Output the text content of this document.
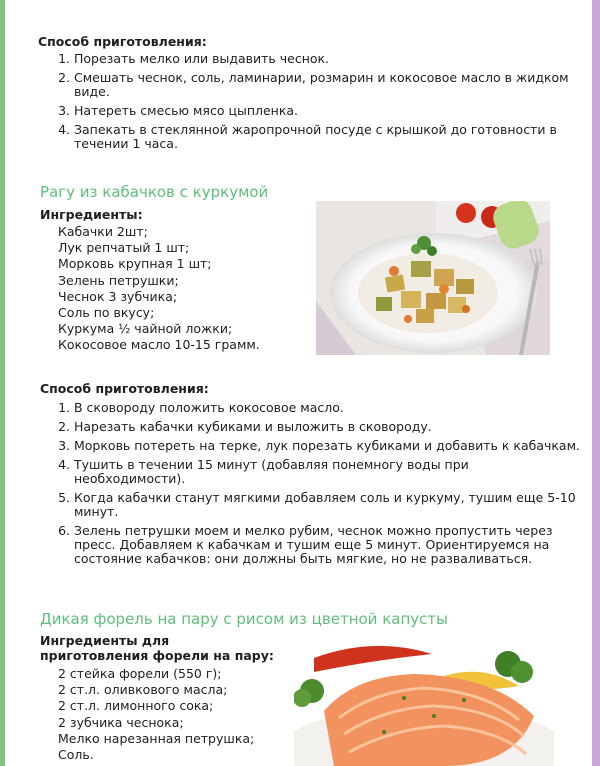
Способ приготовления:
1. Порезать мелко или выдавить чеснок.
2. Смешать чеснок, соль, ламинарии, розмарин и кокосовое масло в жидком виде.
3. Натереть смесью мясо цыпленка.
4. Запекать в стеклянной жаропрочной посуде с крышкой до готовности в течении 1 часа.
Рагу из кабачков с куркумой
Ингредиенты:
Кабачки 2шт;
Лук репчатый 1 шт;
Морковь крупная 1 шт;
Зелень петрушки;
Чеснок 3 зубчика;
Соль по вкусу;
Куркума ½ чайной ложки;
Кокосовое масло 10-15 грамм.
Способ приготовления:
1. В сковороду положить кокосовое масло.
2. Нарезать кабачки кубиками и выложить в сковороду.
3. Морковь потереть на терке, лук порезать кубиками и добавить к кабачкам.
4. Тушить в течении 15 минут (добавляя понемногу воды при необходимости).
5. Когда кабачки станут мягкими добавляем соль и куркуму, тушим еще 5-10 минут.
6. Зелень петрушки моем и мелко рубим, чеснок можно пропустить через пресс. Добавляем к кабачкам и тушим еще 5 минут. Ориентируемся на состояние кабачков: они должны быть мягкие, но не разваливаться.
Дикая форель на пару с рисом из цветной капусты
Ингредиенты для приготовления форели на пару:
2 стейка форели (550 г);
2 ст.л. оливкового масла;
2 ст.л. лимонного сока;
2 зубчика чеснока;
Мелко нарезанная петрушка;
Соль.
